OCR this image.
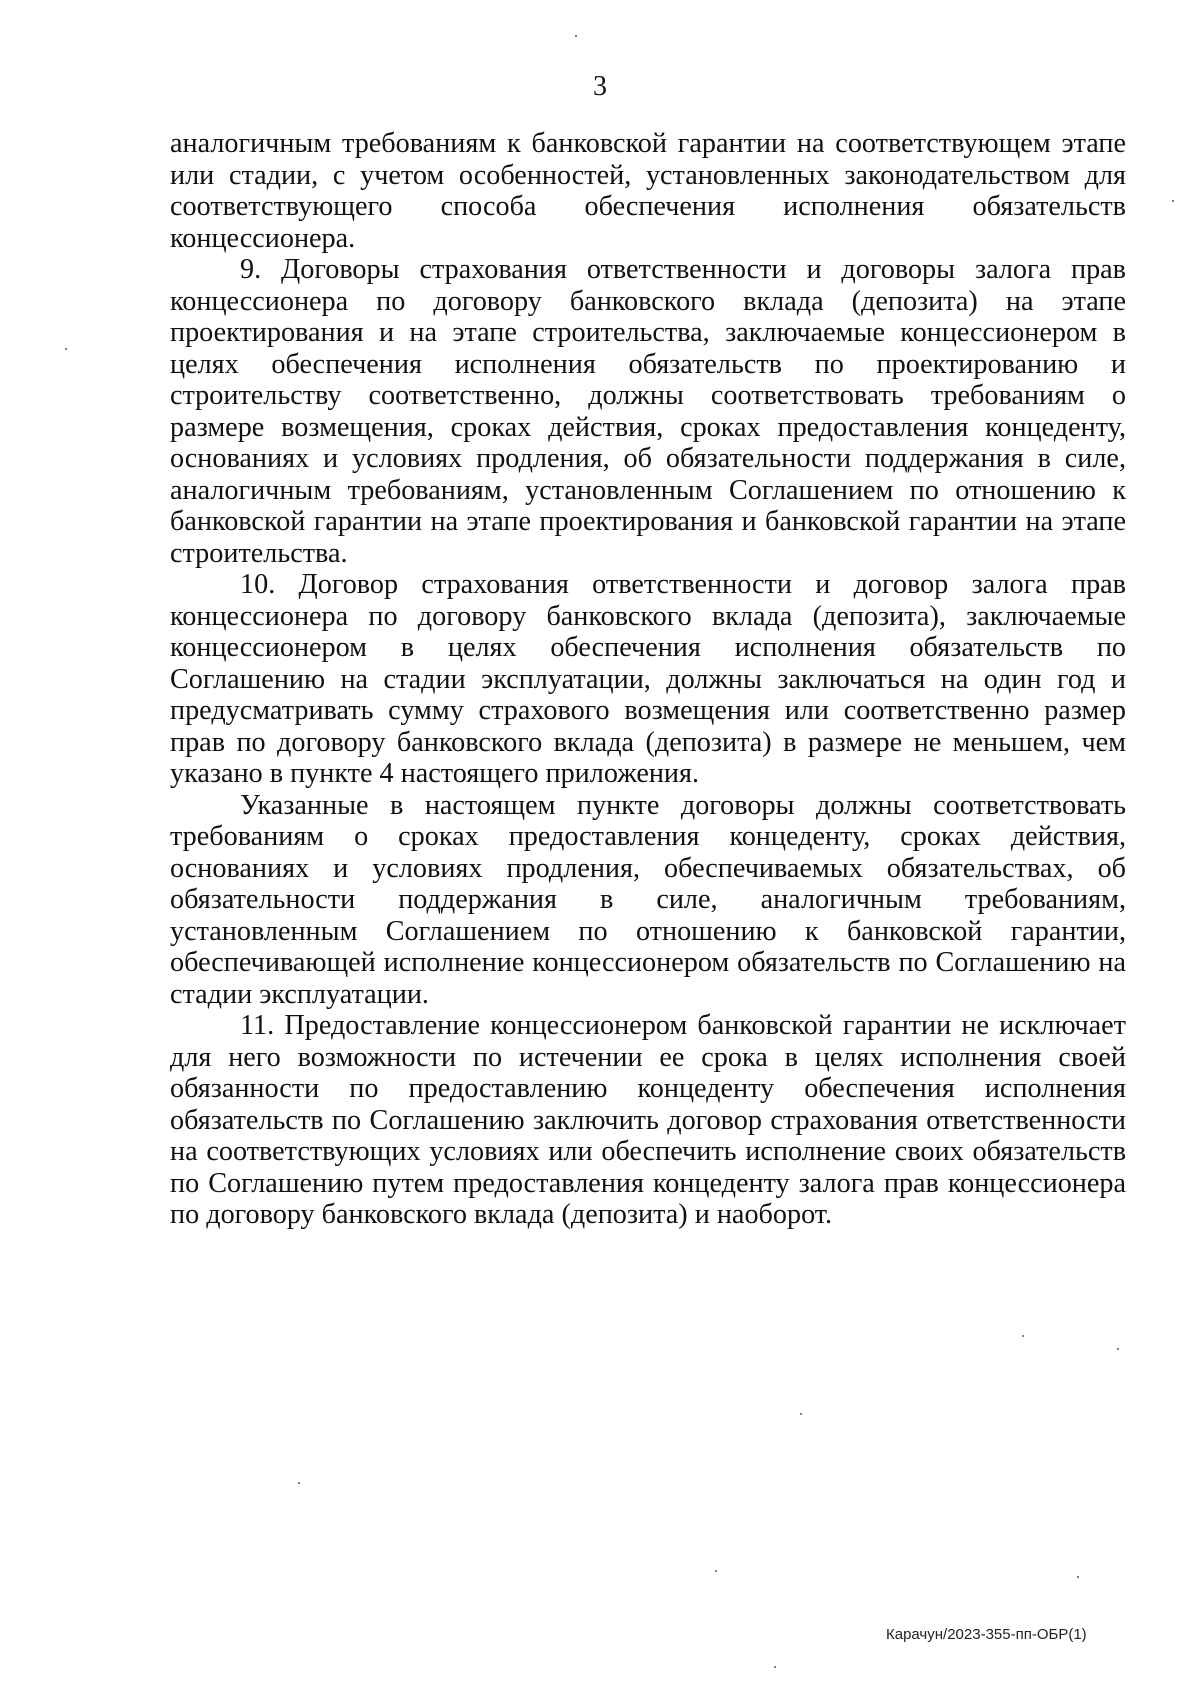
3

аналогичным требованиям к банковской гарантии на соответствующем этапе или стадии, с учетом особенностей, установленных законодательством для соответствующего способа обеспечения исполнения обязательств концессионера.

9. Договоры страхования ответственности и договоры залога прав концессионера по договору банковского вклада (депозита) на этапе проектирования и на этапе строительства, заключаемые концессионером в целях обеспечения исполнения обязательств по проектированию и строительству соответственно, должны соответствовать требованиям о размере возмещения, сроках действия, сроках предоставления концеденту, основаниях и условиях продления, об обязательности поддержания в силе, аналогичным требованиям, установленным Соглашением по отношению к банковской гарантии на этапе проектирования и банковской гарантии на этапе строительства.

10. Договор страхования ответственности и договор залога прав концессионера по договору банковского вклада (депозита), заключаемые концессионером в целях обеспечения исполнения обязательств по Соглашению на стадии эксплуатации, должны заключаться на один год и предусматривать сумму страхового возмещения или соответственно размер прав по договору банковского вклада (депозита) в размере не меньшем, чем указано в пункте 4 настоящего приложения.

Указанные в настоящем пункте договоры должны соответствовать требованиям о сроках предоставления концеденту, сроках действия, основаниях и условиях продления, обеспечиваемых обязательствах, об обязательности поддержания в силе, аналогичным требованиям, установленным Соглашением по отношению к банковской гарантии, обеспечивающей исполнение концессионером обязательств по Соглашению на стадии эксплуатации.

11. Предоставление концессионером банковской гарантии не исключает для него возможности по истечении ее срока в целях исполнения своей обязанности по предоставлению концеденту обеспечения исполнения обязательств по Соглашению заключить договор страхования ответственности на соответствующих условиях или обеспечить исполнение своих обязательств по Соглашению путем предоставления концеденту залога прав концессионера по договору банковского вклада (депозита) и наоборот.

Карачун/2023-355-пп-ОБР(1)
